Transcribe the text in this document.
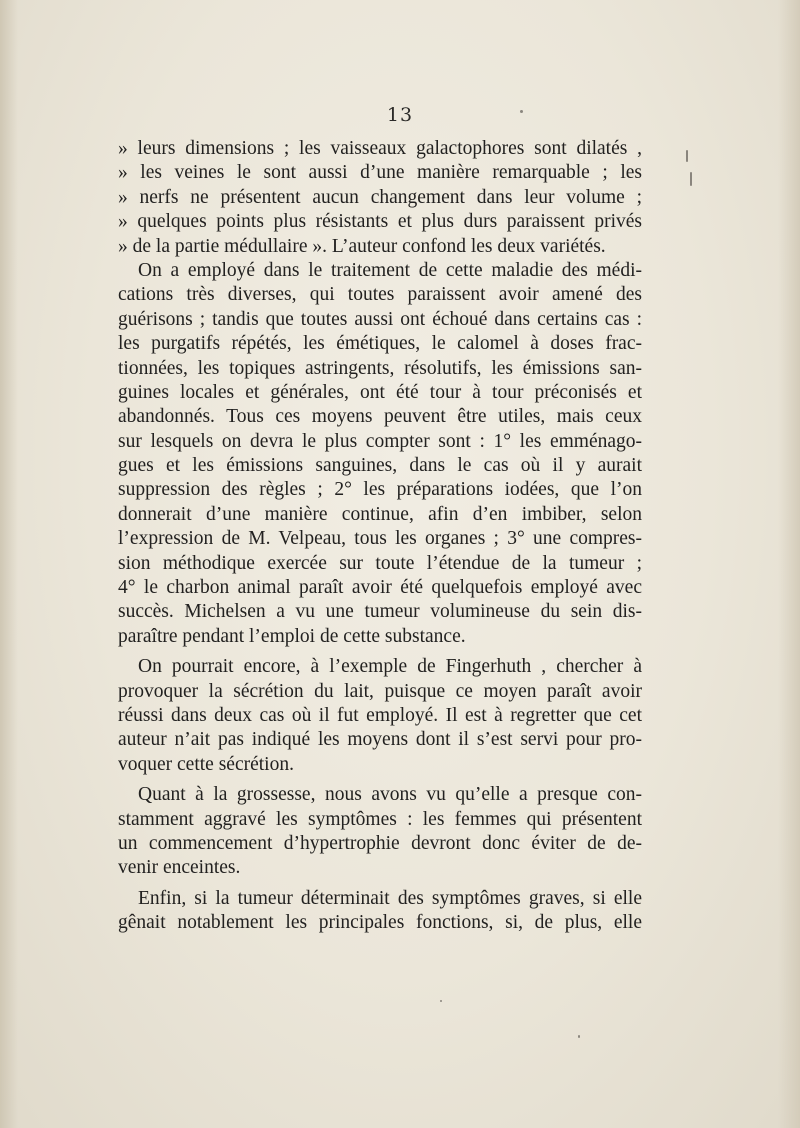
13
» leurs dimensions ; les vaisseaux galactophores sont dilatés ,
» les veines le sont aussi d’une manière remarquable ; les
» nerfs ne présentent aucun changement dans leur volume ;
» quelques points plus résistants et plus durs paraissent privés
» de la partie médullaire ». L’auteur confond les deux variétés.
On a employé dans le traitement de cette maladie des médi-
cations très diverses, qui toutes paraissent avoir amené des
guérisons ; tandis que toutes aussi ont échoué dans certains cas :
les purgatifs répétés, les émétiques, le calomel à doses frac-
tionnées, les topiques astringents, résolutifs, les émissions san-
guines locales et générales, ont été tour à tour préconisés et
abandonnés. Tous ces moyens peuvent être utiles, mais ceux
sur lesquels on devra le plus compter sont : 1° les emménago-
gues et les émissions sanguines, dans le cas où il y aurait
suppression des règles ; 2° les préparations iodées, que l’on
donnerait d’une manière continue, afin d’en imbiber, selon
l’expression de M. Velpeau, tous les organes ; 3° une compres-
sion méthodique exercée sur toute l’étendue de la tumeur ;
4° le charbon animal paraît avoir été quelquefois employé avec
succès. Michelsen a vu une tumeur volumineuse du sein dis-
paraître pendant l’emploi de cette substance.
On pourrait encore, à l’exemple de Fingerhuth , chercher à
provoquer la sécrétion du lait, puisque ce moyen paraît avoir
réussi dans deux cas où il fut employé. Il est à regretter que cet
auteur n’ait pas indiqué les moyens dont il s’est servi pour pro-
voquer cette sécrétion.
Quant à la grossesse, nous avons vu qu’elle a presque con-
stamment aggravé les symptômes : les femmes qui présentent
un commencement d’hypertrophie devront donc éviter de de-
venir enceintes.
Enfin, si la tumeur déterminait des symptômes graves, si elle
gênait notablement les principales fonctions, si, de plus, elle
